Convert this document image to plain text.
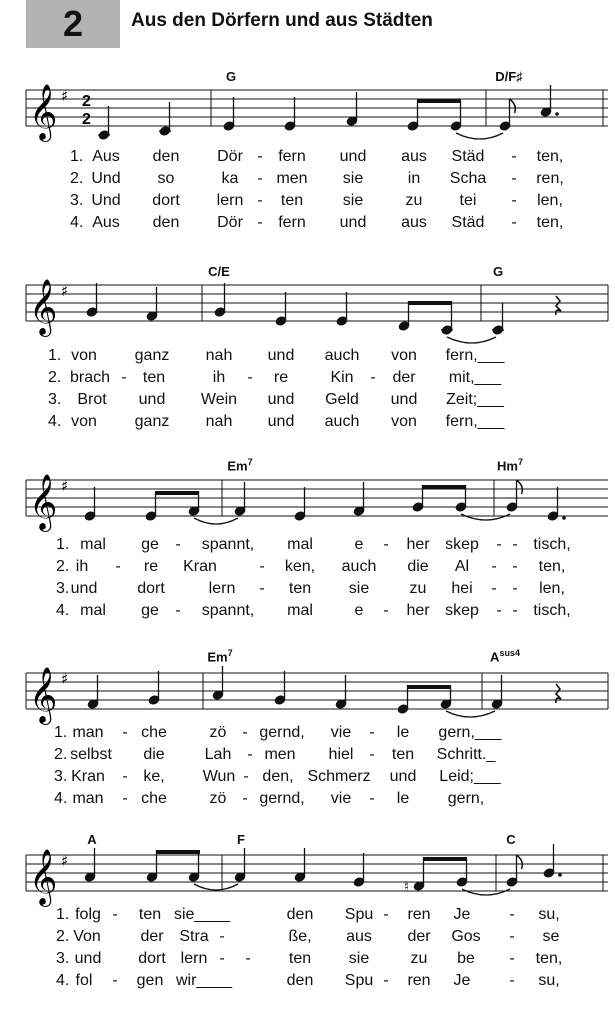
2	Aus den Dörfern und aus Städten
𝄞 ♯ 2
2
G	D/F♯
1. Aus den Dör - fern und aus Städ - ten,
2. Und so	ka - men sie	in Scha - ren,
3. Und dort lern - ten sie	zu tei - len,
4. Aus den Dör - fern und aus Städ - ten,
𝄞 ♯
C/E	G
1. von ganz nah und auch von fern,___
2. brach - ten	ih - re	Kin - der mit,___
3. Brot und Wein und Geld und Zeit;___
4. von ganz nah und auch von fern,___
𝄞 ♯
Em$^7$	Hm$^7$
1. mal ge - spannt, mal	e - her skep - - tisch,
2. ih - re Kran	- ken, auch die Al - - ten,
3. und dort	lern - ten sie	zu hei - - len,
4. mal ge - spannt, mal	e - her skep - - tisch,
𝄞 ♯
Em$^7$	$A^{sus4}$
1. man - che	zö - gernd, vie - le gern,___
2. selbst die Lah - men hiel - ten Schritt._
3. Kran - ke, Wun - den, Schmerz und Leid;___
4. man - che	zö - gernd, vie - le gern,
𝄞 ♯
♮
A	F	C
1. folg - ten sie____	den Spu - ren Je - su,
2. Von der Stra -	ße, aus der Gos - se
3. und dort lern - - ten sie	zu be - ten,
4. fol - gen wir____	den Spu - ren Je - su,
